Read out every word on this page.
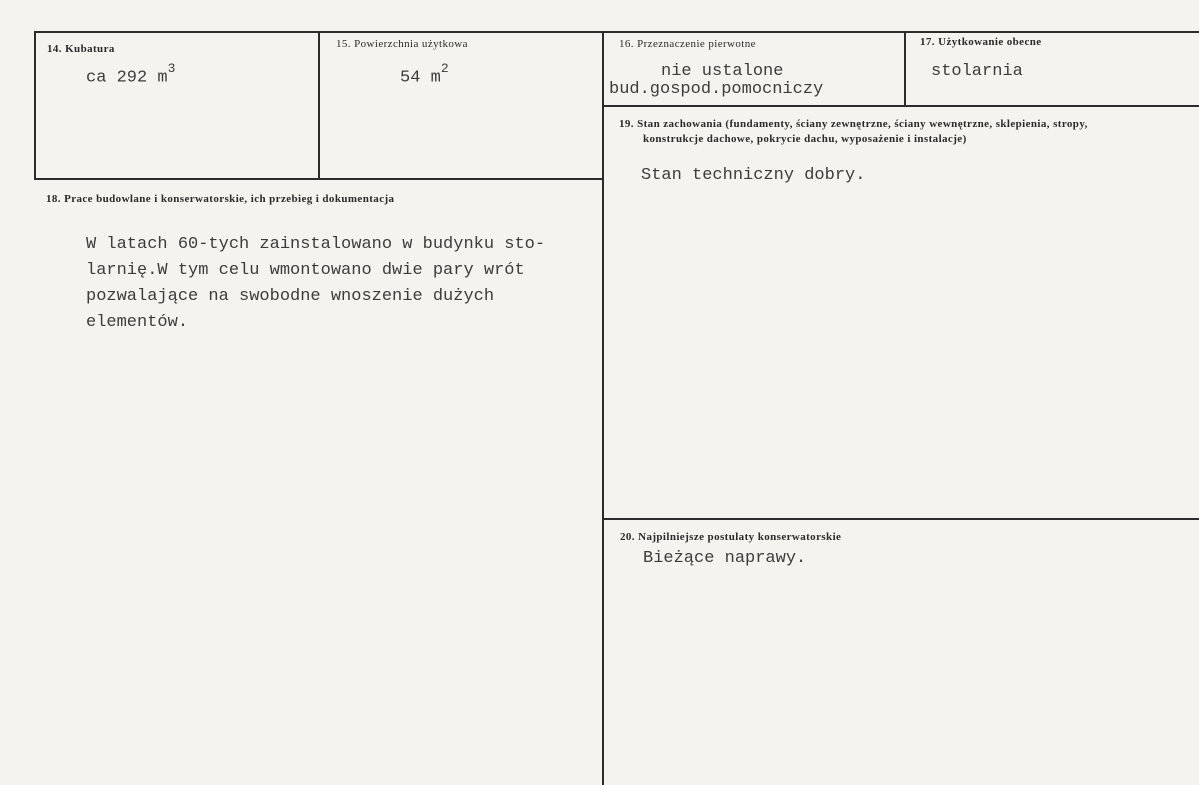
14. Kubatura
ca 292 $m^3$
15. Powierzchnia użytkowa
54 $m^2$
16. Przeznaczenie pierwotne
nie ustalone
bud.gospod.pomocniczy
17. Użytkowanie obecne
stolarnia
18. Prace budowlane i konserwatorskie, ich przebieg i dokumentacja
W latach 60-tych zainstalowano w budynku sto-
larnię.W tym celu wmontowano dwie pary wrót
pozwalające na swobodne wnoszenie dużych
elementów.
19. Stan zachowania (fundamenty, ściany zewnętrzne, ściany wewnętrzne, sklepienia, stropy,
konstrukcje dachowe, pokrycie dachu, wyposażenie i instalacje)
Stan techniczny dobry.
20. Najpilniejsze postulaty konserwatorskie
Bieżące naprawy.
